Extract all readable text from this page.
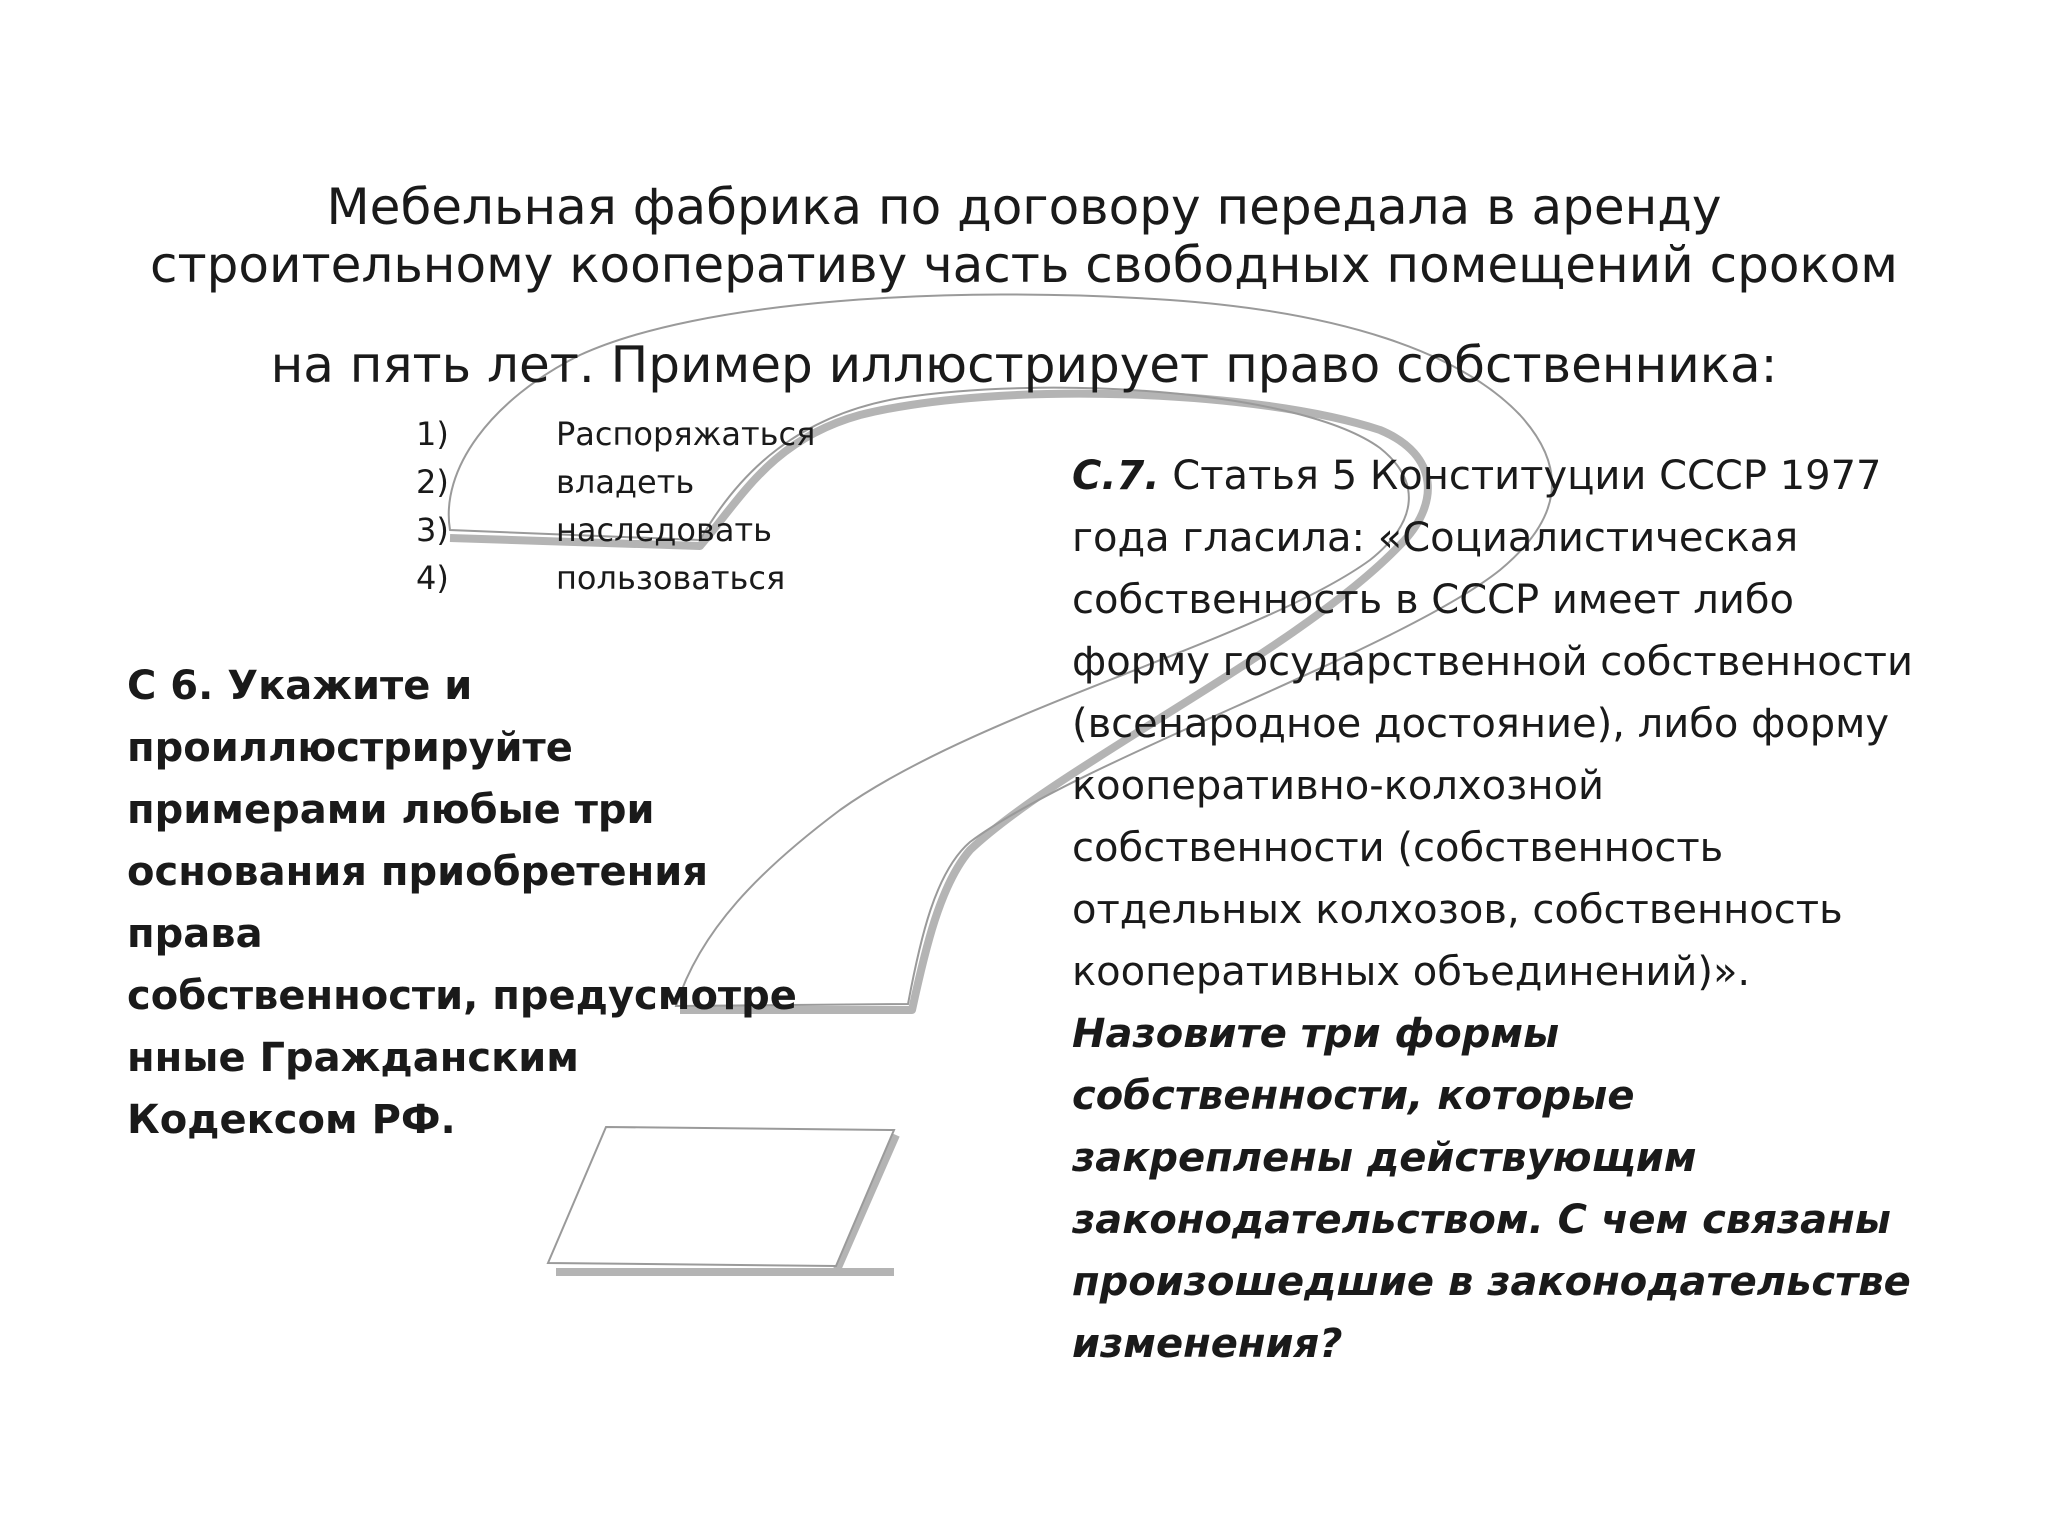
Мебельная фабрика по договору передала в аренду
строительному кооперативу часть свободных помещений сроком
на пять лет. Пример иллюстрирует право собственника:
1)	Распоряжаться
2)	владеть
3)	наследовать
4)	пользоваться

С 6. Укажите и
проиллюстрируйте
примерами любые три
основания приобретения
права
собственности, предусмотре
нные Гражданским
Кодексом РФ.

С.7. Статья 5 Конституции СССР 1977
года гласила: «Социалистическая
собственность в СССР имеет либо
форму государственной собственности
(всенародное достояние), либо форму
кооперативно-колхозной
собственности (собственность
отдельных колхозов, собственность
кооперативных объединений)».
Назовите три формы
собственности, которые
закреплены действующим
законодательством. С чем связаны
произошедшие в законодательстве
изменения?
